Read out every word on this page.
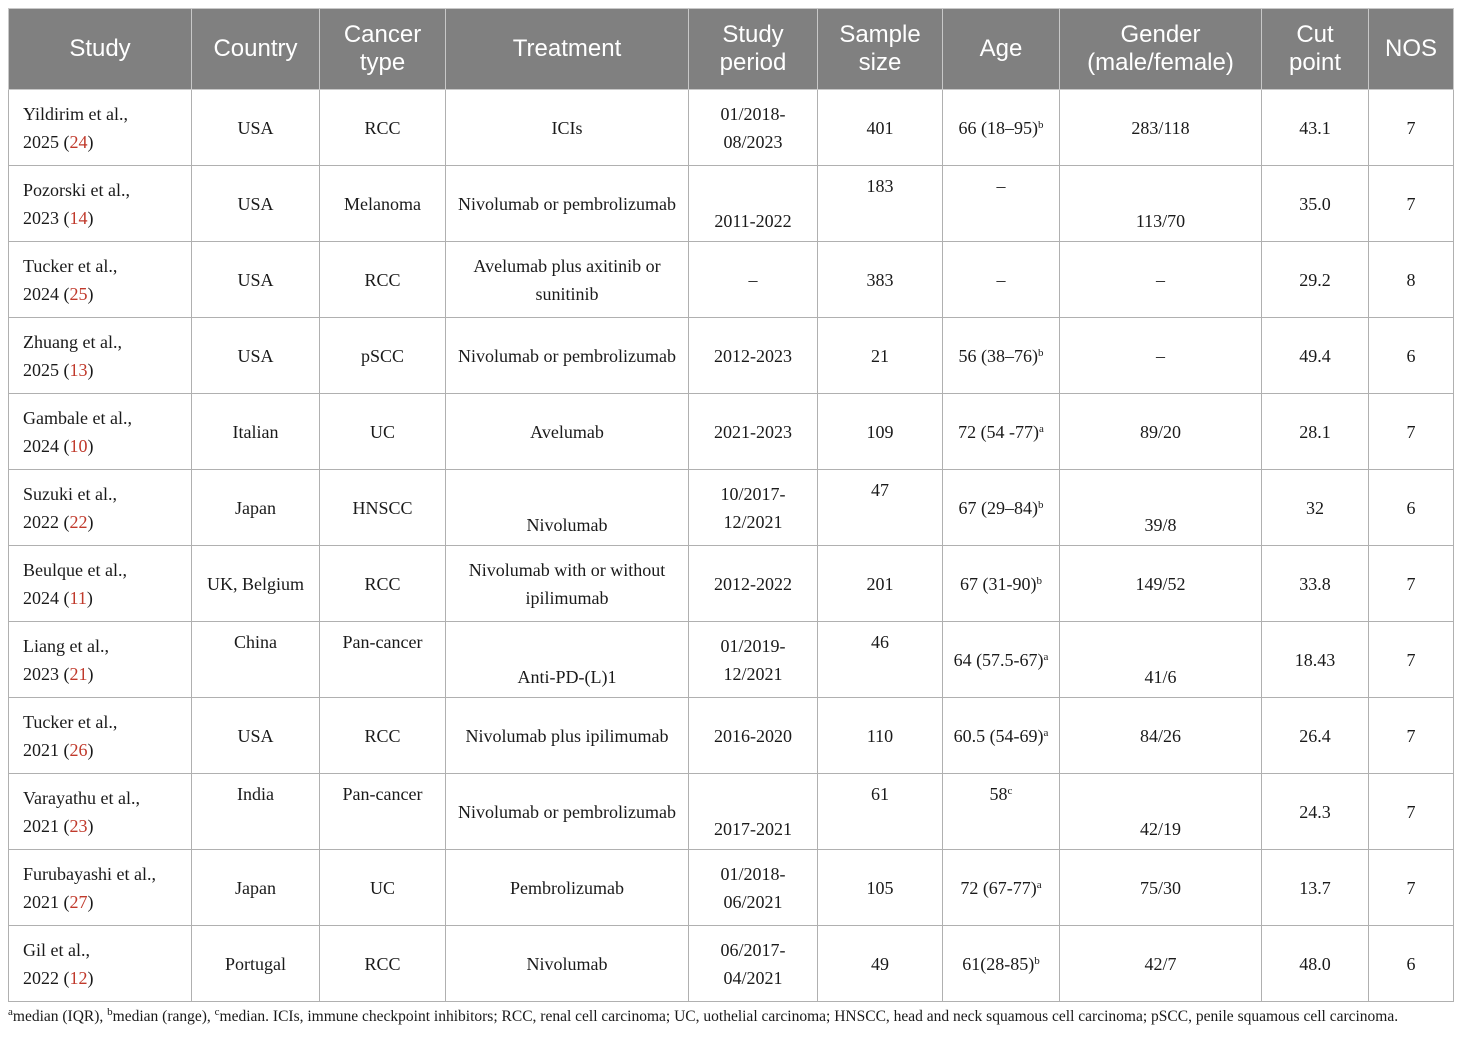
Study	Country	Cancer type	Treatment	Study period	Sample size	Age	Gender (male/female)	Cut point	NOS
Yildirim et al.,
2025 (24)	USA	RCC	ICIs	01/2018-08/2023	401	66 $(18-95)^b$	283/118	43.1	7

Pozorski et al.,
2023 (14)	USA	Melanoma	Nivolumab or pembrolizumab	2011-2022	183	–	113/70	35.0	7

Tucker et al.,
2024 (25)	USA	RCC	Avelumab plus axitinib or sunitinib	–	383	–	–	29.2	8

Zhuang et al.,
2025 (13)	USA	pSCC	Nivolumab or pembrolizumab	2012-2023	21	56 $(38-76)^b$	–	49.4	6

Gambale et al.,
2024 (10)	Italian	UC	Avelumab	2021-2023	109	72 (54 -77)$^a$	89/20	28.1	7

Suzuki et al.,
2022 (22)	Japan	HNSCC	Nivolumab	10/2017-12/2021	47	67 $(29-84)^b$	39/8	32	6

Beulque et al.,
2024 (11)	UK, Belgium	RCC	Nivolumab with or without ipilimumab	2012-2022	201	67 $(31-90)^b$	149/52	33.8	7

Liang et al.,
2023 (21)	China	Pan-cancer	Anti-PD-(L)1	01/2019-12/2021	46	64 $(57.5-67)^a$	41/6	18.43	7

Tucker et al.,
2021 (26)	USA	RCC	Nivolumab plus ipilimumab	2016-2020	110	60.5 $(54-69)^a$	84/26	26.4	7

Varayathu et al.,
2021 (23)	India	Pan-cancer	Nivolumab or pembrolizumab	2017-2021	61	58$^c$	42/19	24.3	7

Furubayashi et al.,
2021 (27)	Japan	UC	Pembrolizumab	01/2018-06/2021	105	72 $(67-77)^a$	75/30	13.7	7

Gil et al.,
2022 (12)	Portugal	RCC	Nivolumab	06/2017-04/2021	49	$61(28-85)^b$	42/7	48.0	6
$^a$median (IQR), $^b$median (range), $^c$median. ICIs, immune checkpoint inhibitors; RCC, renal cell carcinoma; UC, uothelial carcinoma; HNSCC, head and neck squamous cell carcinoma; pSCC, penile squamous cell carcinoma.
